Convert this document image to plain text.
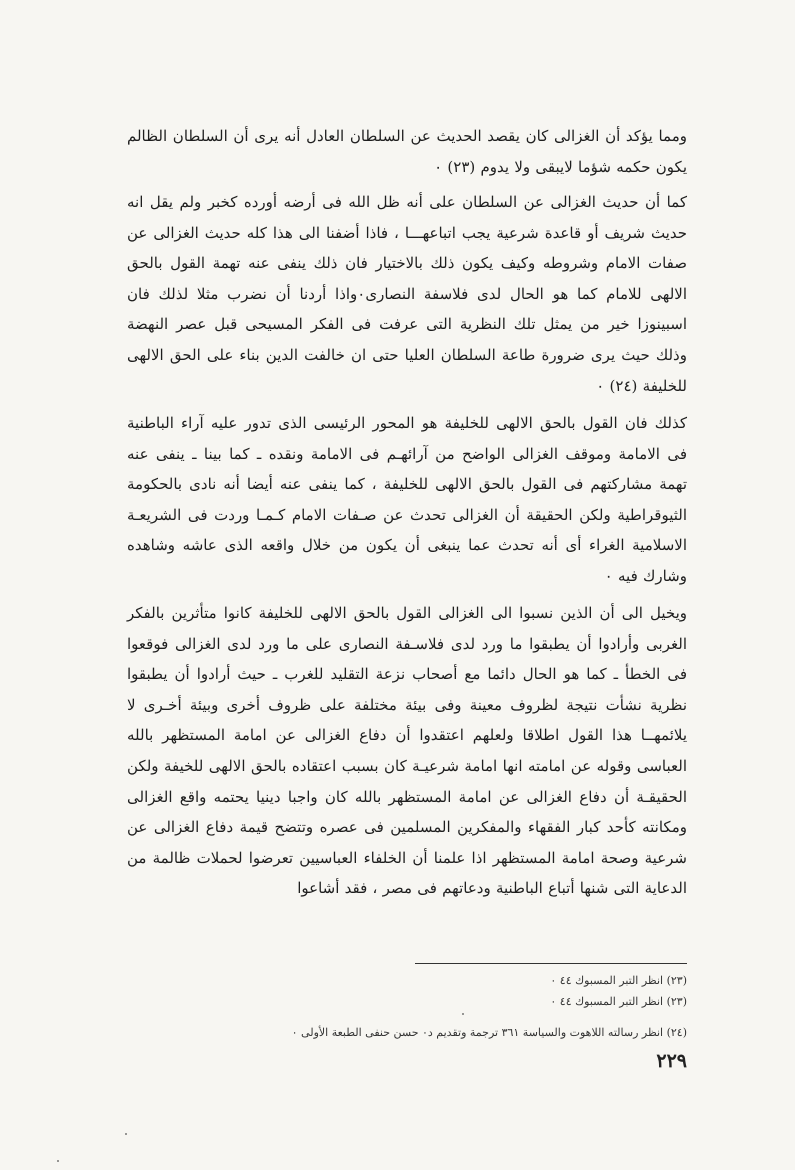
ومما يؤكد أن الغزالى كان يقصد الحديث عن السلطان العادل أنه يرى أن السلطان الظالم يكون حكمه شؤما لايبقى ولا يدوم (٢٣) ٠

كما أن حديث الغزالى عن السلطان على أنه ظل الله فى أرضه أورده كخبر ولم يقل انه حديث شريف أو قاعدة شرعية يجب اتباعهـــا ، فاذا أضفنا الى هذا كله حديث الغزالى عن صفات الامام وشروطه وكيف يكون ذلك بالاختيار فان ذلك ينفى عنه تهمة القول بالحق الالهى للامام كما هو الحال لدى فلاسفة النصارى٠واذا أردنا أن نضرب مثلا لذلك فان اسبينوزا خير من يمثل تلك النظرية التى عرفت فى الفكر المسيحى قبل عصر النهضة وذلك حيث يرى ضرورة طاعة السلطان العليا حتى ان خالفت الدين بناء على الحق الالهى للخليفة (٢٤) ٠

كذلك فان القول بالحق الالهى للخليفة هو المحور الرئيسى الذى تدور عليه آراء الباطنية فى الامامة وموقف الغزالى الواضح من آرائهـم فى الامامة ونقده ـ كما بينا ـ ينفى عنه تهمة مشاركتهم فى القول بالحق الالهى للخليفة ، كما ينفى عنه أيضا أنه نادى بالحكومة الثيوقراطية ولكن الحقيقة أن الغزالى تحدث عن صـفات الامام كـمـا وردت فى الشريعـة الاسلامية الغراء أى أنه تحدث عما ينبغى أن يكون من خلال واقعه الذى عاشه وشاهده وشارك فيه ٠

ويخيل الى أن الذين نسبوا الى الغزالى القول بالحق الالهى للخليفة كانوا متأثرين بالفكر الغربى وأرادوا أن يطبقوا ما ورد لدى فلاسـفة النصارى على ما ورد لدى الغزالى فوقعوا فى الخطأ ـ كما هو الحال دائما مع أصحاب نزعة التقليد للغرب ـ حيث أرادوا أن يطبقوا نظرية نشأت نتيجة لظروف معينة وفى بيئة مختلفة على ظروف أخرى وبيئة أخـرى لا يلائمهــا هذا القول اطلاقا ولعلهم اعتقدوا أن دفاع الغزالى عن امامة المستظهر بالله العباسى وقوله عن امامته انها امامة شرعيـة كان بسبب اعتقاده بالحق الالهى للخيفة ولكن الحقيقـة أن دفاع الغزالى عن امامة المستظهر بالله كان واجبا دينيا يحتمه واقع الغزالى ومكانته كأحد كبار الفقهاء والمفكرين المسلمين فى عصره وتتضح قيمة دفاع الغزالى عن شرعية وصحة امامة المستظهر اذا علمنا أن الخلفاء العباسيين تعرضوا لحملات ظالمة من الدعاية التى شنها أتباع الباطنية ودعاتهم فى مصر ، فقد أشاعوا

(٢٣) انظر التبر المسبوك ٤٤ ٠

(٢٣) انظر التبر المسبوك ٤٤ ٠

(٢٤) انظر رسالته اللاهوت والسياسة ٣٦١ ترجمة وتقديم د٠ حسن حنفى الطبعة الأولى ٠

٢٢٩
